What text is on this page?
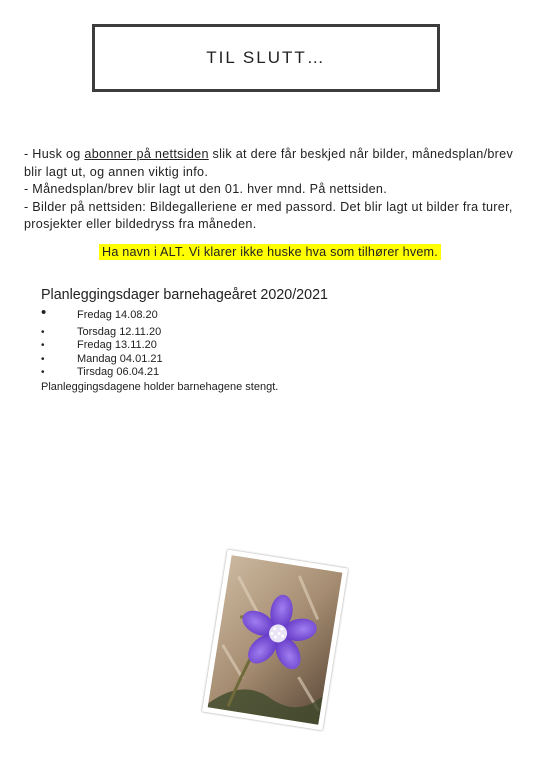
TIL SLUTT…

- Husk og abonner på nettsiden slik at dere får beskjed når bilder, månedsplan/brev blir lagt ut, og annen viktig info.

- Månedsplan/brev blir lagt ut den 01. hver mnd. På nettsiden.

- Bilder på nettsiden: Bildegalleriene er med passord. Det blir lagt ut bilder fra turer, prosjekter eller bildedryss fra måneden.

Ha navn i ALT. Vi klarer ikke huske hva som tilhører hvem.

Planleggingsdager barnehageåret 2020/2021

•	Fredag 14.08.20
•	Torsdag 12.11.20
•	Fredag 13.11.20
•	Mandag 04.01.21
•	Tirsdag 06.04.21

Planleggingsdagene holder barnehagene stengt.
